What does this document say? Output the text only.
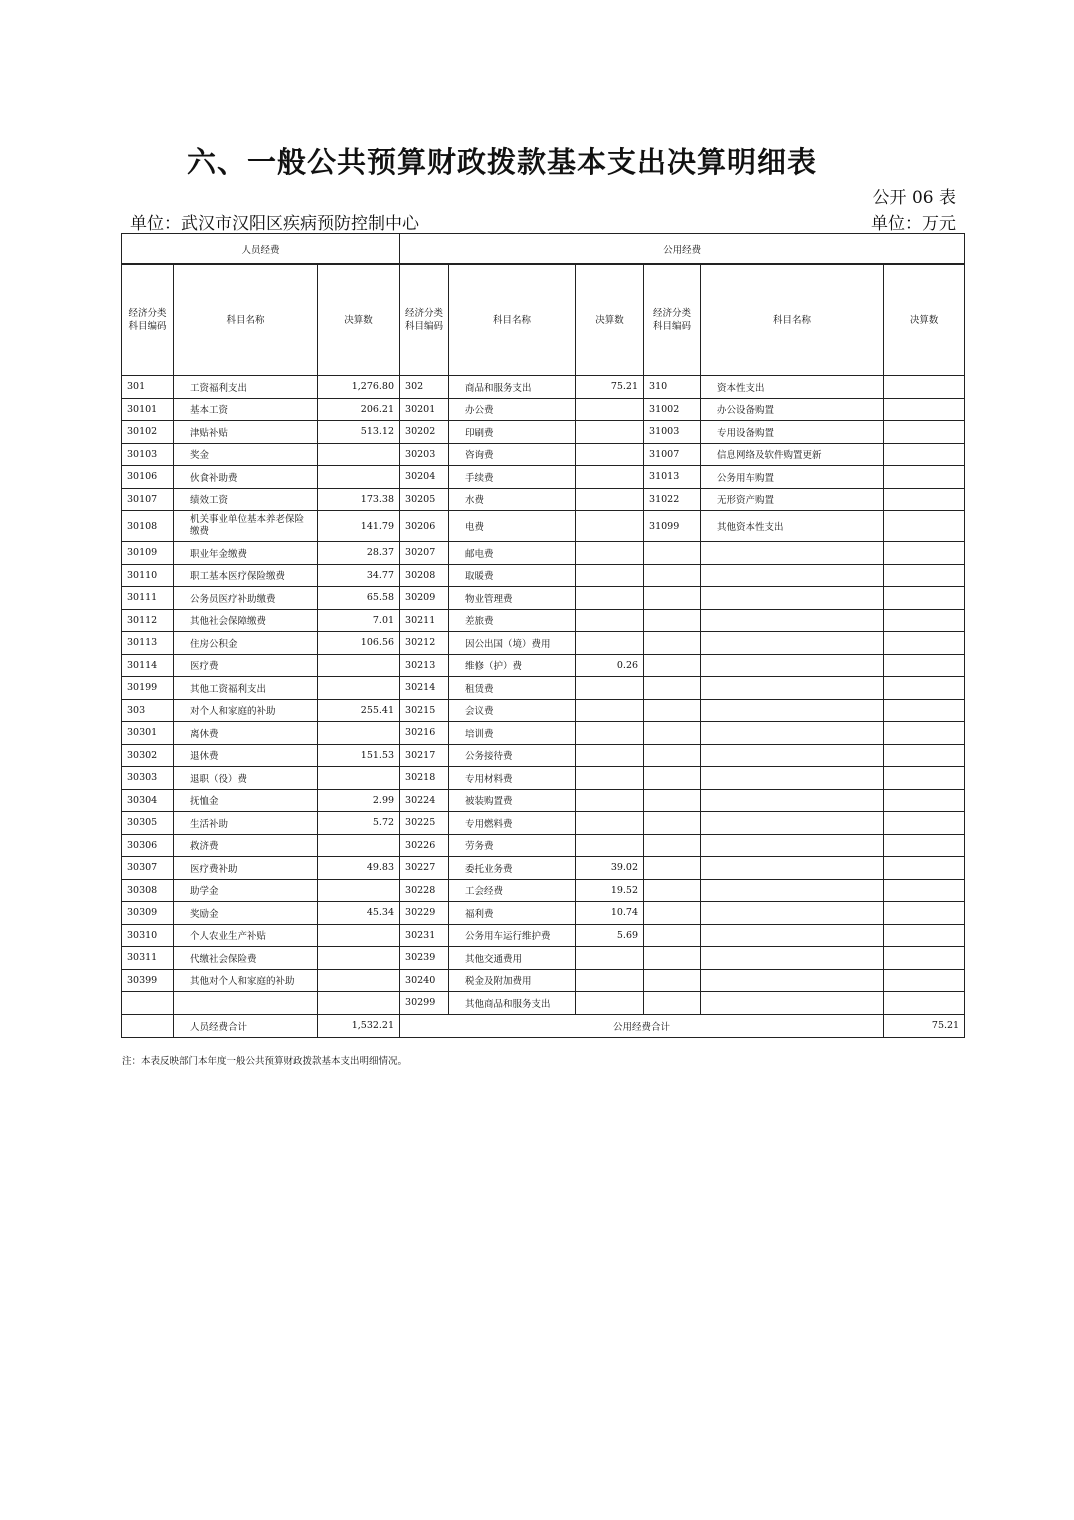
六、一般公共预算财政拨款基本支出决算明细表
公开 06 表
单位：武汉市汉阳区疾病预防控制中心	单位：万元
人员经费			公用经费					
经济分类科目编码	科目名称	决算数	经济分类科目编码	科目名称	决算数	经济分类科目编码	科目名称	决算数
301	工资福利支出	1,276.80	302	商品和服务支出	75.21	310	资本性支出	
30101	基本工资	206.21	30201	办公费		31002	办公设备购置	
30102	津贴补贴	513.12	30202	印刷费		31003	专用设备购置	
30103	奖金		30203	咨询费		31007	信息网络及软件购置更新	
30106	伙食补助费		30204	手续费		31013	公务用车购置	
30107	绩效工资	173.38	30205	水费		31022	无形资产购置	
30108	机关事业单位基本养老保险缴费	141.79	30206	电费		31099	其他资本性支出	
30109	职业年金缴费	28.37	30207	邮电费				
30110	职工基本医疗保险缴费	34.77	30208	取暖费				
30111	公务员医疗补助缴费	65.58	30209	物业管理费				
30112	其他社会保障缴费	7.01	30211	差旅费				
30113	住房公积金	106.56	30212	因公出国（境）费用				
30114	医疗费		30213	维修（护）费	0.26			
30199	其他工资福利支出		30214	租赁费				
303	对个人和家庭的补助	255.41	30215	会议费				
30301	离休费		30216	培训费				
30302	退休费	151.53	30217	公务接待费				
30303	退职（役）费		30218	专用材料费				
30304	抚恤金	2.99	30224	被装购置费				
30305	生活补助	5.72	30225	专用燃料费				
30306	救济费		30226	劳务费				
30307	医疗费补助	49.83	30227	委托业务费	39.02			
30308	助学金		30228	工会经费	19.52			
30309	奖励金	45.34	30229	福利费	10.74			
30310	个人农业生产补贴		30231	公务用车运行维护费	5.69			
30311	代缴社会保险费		30239	其他交通费用				
30399	其他对个人和家庭的补助		30240	税金及附加费用				
			30299	其他商品和服务支出				
	人员经费合计	1,532.21	公用经费合计					75.21
注：本表反映部门本年度一般公共预算财政拨款基本支出明细情况。
